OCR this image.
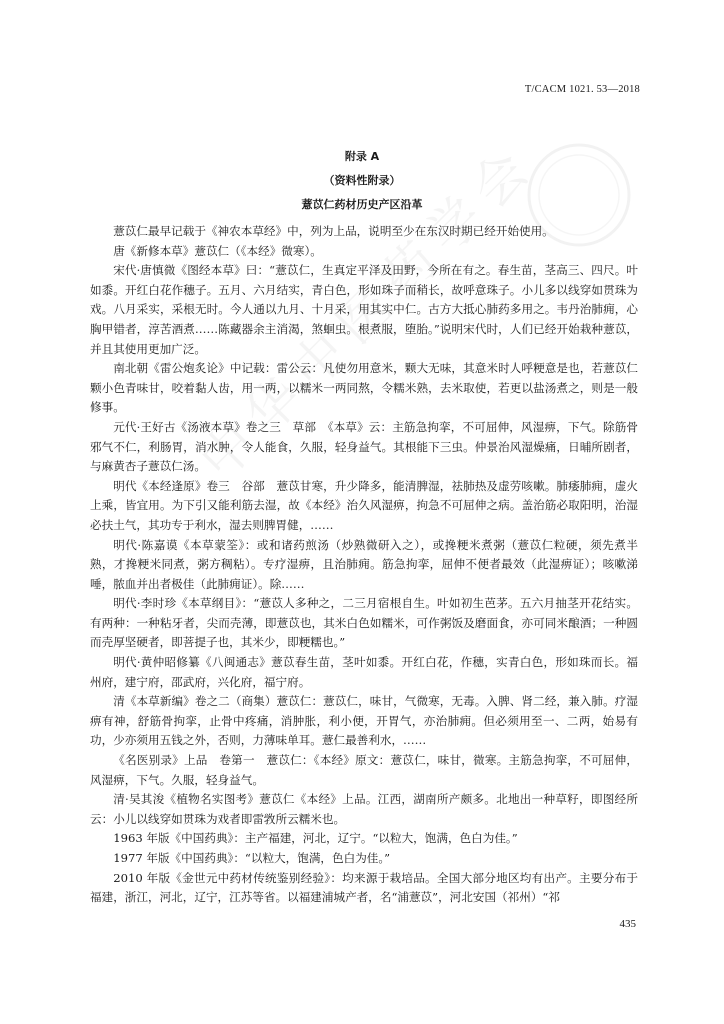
T/CACM 1021. 53—2018
附录 A
（资料性附录）
薏苡仁药材历史产区沿革

薏苡仁最早记载于《神农本草经》中，列为上品，说明至少在东汉时期已经开始使用。

唐《新修本草》薏苡仁（《本经》微寒）。

宋代·唐慎微《图经本草》曰：“薏苡仁，生真定平泽及田野，今所在有之。春生苗，茎高三、四尺。叶如黍。开红白花作穗子。五月、六月结实，青白色，形如珠子而稍长，故呼意珠子。小儿多以线穿如贯珠为戏。八月采实，采根无时。今人通以九月、十月采，用其实中仁。古方大抵心肺药多用之。韦丹治肺痈，心胸甲错者，淳苦酒煮……陈藏器余主消渴，煞蛔虫。根煮服，堕胎。”说明宋代时，人们已经开始栽种薏苡，并且其使用更加广泛。

南北朝《雷公炮炙论》中记载：雷公云：凡使勿用意米，颗大无味，其意米时人呼粳意是也，若薏苡仁颗小色青味甘，咬着黏人齿，用一两，以糯米一两同熬，令糯米熟，去米取使，若更以盐汤煮之，则是一般修事。

元代·王好古《汤液本草》卷之三　草部　《本草》云：主筋急拘挛，不可屈伸，风湿痹，下气。除筋骨邪气不仁，利肠胃，消水肿，令人能食，久服，轻身益气。其根能下三虫。仲景治风湿燥痛，日晡所剧者，与麻黄杏子薏苡仁汤。

明代《本经逢原》卷三　谷部　薏苡甘寒，升少降多，能清脾湿，祛肺热及虚劳咳嗽。肺痿肺痈，虚火上乘，皆宜用。为下引又能利筋去湿，故《本经》治久风湿痹，拘急不可屈伸之病。盖治筋必取阳明，治湿必扶土气，其功专于利水，湿去则脾胃健，……

明代·陈嘉谟《本草蒙筌》：或和诸药煎汤（炒熟微研入之），或搀粳米煮粥（薏苡仁粒硬，须先煮半熟，才搀粳米同煮，粥方稠粘）。专疗湿痹，且治肺痈。筋急拘挛，屈伸不便者最效（此湿痹证）；咳嗽涕唾，脓血并出者极佳（此肺痈证）。除……

明代·李时珍《本草纲目》：“薏苡人多种之，二三月宿根自生。叶如初生芭茅。五六月抽茎开花结实。有两种：一种粘牙者，尖而壳薄，即薏苡也，其米白色如糯米，可作粥饭及磨面食，亦可同米酿酒；一种圆而壳厚坚硬者，即菩提子也，其米少，即粳糯也。”

明代·黄仲昭修纂《八闽通志》薏苡春生苗，茎叶如黍。开红白花，作穗，实青白色，形如珠而长。福州府，建宁府，邵武府，兴化府，福宁府。

清《本草新编》卷之二（商集）薏苡仁：薏苡仁，味甘，气微寒，无毒。入脾、肾二经，兼入肺。疗湿痹有神，舒筋骨拘挛，止骨中疼痛，消肿胀，利小便，开胃气，亦治肺痈。但必须用至一、二两，始易有功，少亦须用五钱之外，否则，力薄味单耳。薏仁最善利水，……

《名医别录》上品　卷第一　薏苡仁：《本经》原文：薏苡仁，味甘，微寒。主筋急拘挛，不可屈伸，风湿痹，下气。久服，轻身益气。

清·吴其浚《植物名实图考》薏苡仁《本经》上品。江西，湖南所产颇多。北地出一种草籽，即图经所云：小儿以线穿如贯珠为戏者即雷敩所云糯米也。

1963 年版《中国药典》：主产福建，河北，辽宁。“以粒大，饱满，色白为佳。”

1977 年版《中国药典》：“以粒大，饱满，色白为佳。”

2010 年版《金世元中药材传统鉴别经验》：均来源于栽培品。全国大部分地区均有出产。主要分布于福建，浙江，河北，辽宁，江苏等省。以福建浦城产者，名“浦薏苡”，河北安国（祁州）“祁

435
